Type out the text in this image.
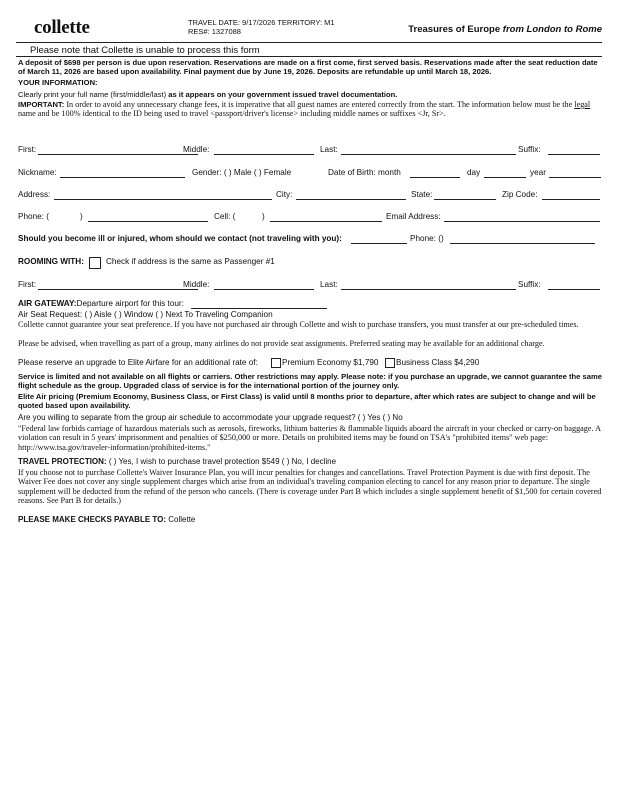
collette	TRAVEL DATE: 9/17/2026 TERRITORY: M1
RES#: 1327088	Treasures of Europe from London to Rome
Please note that Collette is unable to process this form
A deposit of $698 per person is due upon reservation. Reservations are made on a first come, first served basis. Reservations made after the seat reduction date of March 11, 2026 are based upon availability. Final payment due by June 19, 2026. Deposits are refundable up until March 18, 2026.
YOUR INFORMATION:
Clearly print your full name (first/middle/last) as it appears on your government issued travel documentation.
IMPORTANT: In order to avoid any unnecessary change fees, it is imperative that all guest names are entered correctly from the start. The information below must be the legal name and be 100% identical to the ID being used to travel <passport/driver's license> including middle names or suffixes <Jr, Sr>.
First:	Middle:	Last:	Suffix:
Nickname:	Gender: ( ) Male ( ) Female	Date of Birth: month	day	year
Address:	City:	State:	Zip Code:
Phone: (	)	Cell: (	)	Email Address:
Should you become ill or injured, whom should we contact (not traveling with you):	Phone: ()
ROOMING WITH:	Check if address is the same as Passenger #1
First:	Middle:	Last:	Suffix:
AIR GATEWAY: Departure airport for this tour:
Air Seat Request: ( ) Aisle ( ) Window ( ) Next To Traveling Companion
Collette cannot guarantee your seat preference. If you have not purchased air through Collette and wish to purchase transfers, you must transfer at our pre-scheduled times.
Please be advised, when travelling as part of a group, many airlines do not provide seat assignments. Preferred seating may be available for an additional charge.
Please reserve an upgrade to Elite Airfare for an additional rate of:	Premium Economy $1,790 Business Class $4,290
Service is limited and not available on all flights or carriers. Other restrictions may apply. Please note: if you purchase an upgrade, we cannot guarantee the same flight schedule as the group. Upgraded class of service is for the international portion of the journey only.
Elite Air pricing (Premium Economy, Business Class, or First Class) is valid until 8 months prior to departure, after which rates are subject to change and will be quoted based upon availability.
Are you willing to separate from the group air schedule to accommodate your upgrade request? ( ) Yes ( ) No
"Federal law forbids carriage of hazardous materials such as aerosols, fireworks, lithium batteries & flammable liquids aboard the aircraft in your checked or carry-on baggage. A violation can result in 5 years' imprisonment and penalties of $250,000 or more. Details on prohibited items may be found on TSA's "prohibited items" web page: http://www.tsa.gov/traveler-information/prohibited-items."
TRAVEL PROTECTION: ( ) Yes, I wish to purchase travel protection $549 ( ) No, I decline
If you choose not to purchase Collette's Waiver Insurance Plan, you will incur penalties for changes and cancellations. Travel Protection Payment is due with first deposit. The Waiver Fee does not cover any single supplement charges which arise from an individual's traveling companion electing to cancel for any reason prior to departure. The single supplement will be deducted from the refund of the person who cancels. (There is coverage under Part B which includes a single supplement benefit of $1,500 for certain covered reasons. See Part B for details.)
PLEASE MAKE CHECKS PAYABLE TO: Collette
